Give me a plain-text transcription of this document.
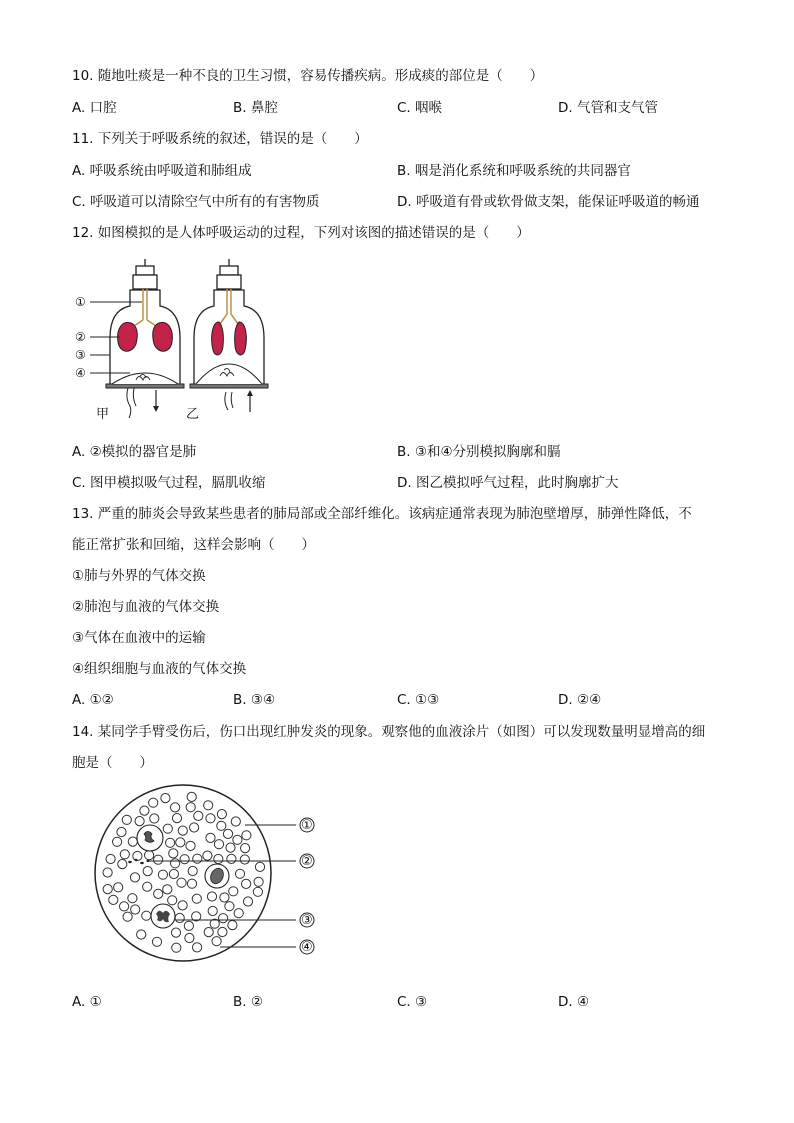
10. 随地吐痰是一种不良的卫生习惯，容易传播疾病。形成痰的部位是（　　）
A. 口腔	B. 鼻腔	C. 咽喉	D. 气管和支气管
11. 下列关于呼吸系统的叙述，错误的是（　　）
A. 呼吸系统由呼吸道和肺组成	B. 咽是消化系统和呼吸系统的共同器官
C. 呼吸道可以清除空气中所有的有害物质	D. 呼吸道有骨或软骨做支架，能保证呼吸道的畅通
12. 如图模拟的是人体呼吸运动的过程，下列对该图的描述错误的是（　　）
①
②
③
④
甲	乙
A. ②模拟的器官是肺	B. ③和④分别模拟胸廓和膈
C. 图甲模拟吸气过程，膈肌收缩	D. 图乙模拟呼气过程，此时胸廓扩大
13. 严重的肺炎会导致某些患者的肺局部或全部纤维化。该病症通常表现为肺泡壁增厚，肺弹性降低，不
能正常扩张和回缩，这样会影响（　　）
①肺与外界的气体交换
②肺泡与血液的气体交换
③气体在血液中的运输
④组织细胞与血液的气体交换
A. ①②	B. ③④	C. ①③	D. ②④
14. 某同学手臂受伤后，伤口出现红肿发炎的现象。观察他的血液涂片（如图）可以发现数量明显增高的细
胞是（　　）
①
②
③
④
A. ①	B. ②	C. ③	D. ④
